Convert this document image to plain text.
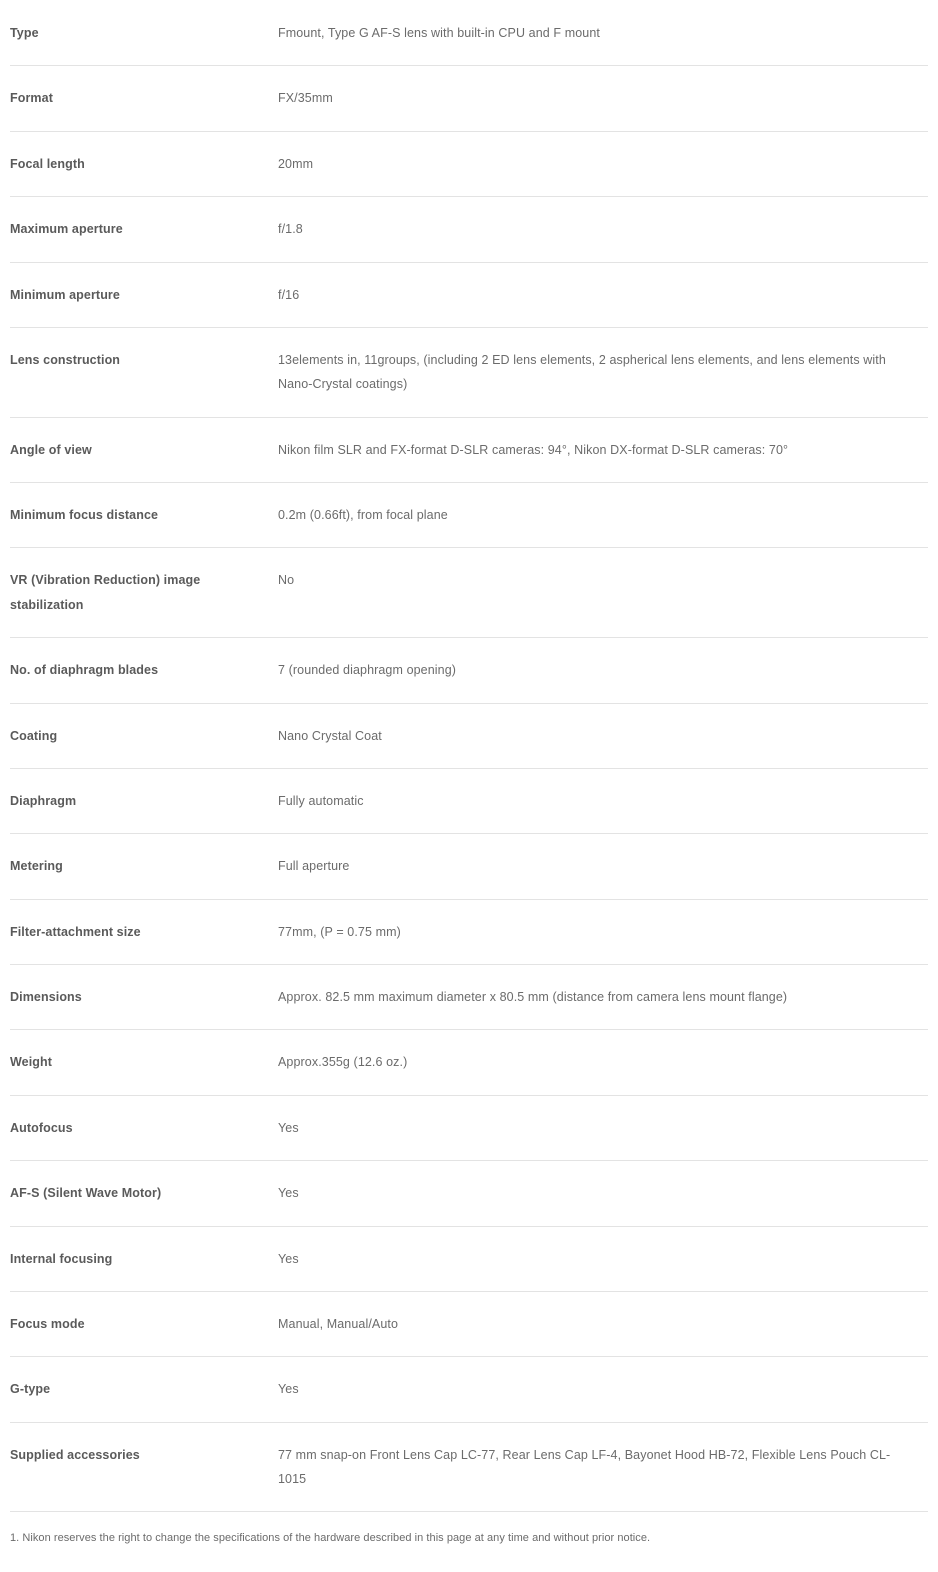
Type	Fmount, Type G AF-S lens with built-in CPU and F mount
Format	FX/35mm
Focal length	20mm
Maximum aperture	f/1.8
Minimum aperture	f/16
Lens construction	13elements in, 11groups, (including 2 ED lens elements, 2 aspherical lens elements, and lens elements with Nano-Crystal coatings)
Angle of view	Nikon film SLR and FX-format D-SLR cameras: 94°, Nikon DX-format D-SLR cameras: 70°
Minimum focus distance	0.2m (0.66ft), from focal plane
VR (Vibration Reduction) image stabilization	No
No. of diaphragm blades	7 (rounded diaphragm opening)
Coating	Nano Crystal Coat
Diaphragm	Fully automatic
Metering	Full aperture
Filter-attachment size	77mm, (P = 0.75 mm)
Dimensions	Approx. 82.5 mm maximum diameter x 80.5 mm (distance from camera lens mount flange)
Weight	Approx.355g (12.6 oz.)
Autofocus	Yes
AF-S (Silent Wave Motor)	Yes
Internal focusing	Yes
Focus mode	Manual, Manual/Auto
G-type	Yes
Supplied accessories	77 mm snap-on Front Lens Cap LC-77, Rear Lens Cap LF-4, Bayonet Hood HB-72, Flexible Lens Pouch CL-1015
1. Nikon reserves the right to change the specifications of the hardware described in this page at any time and without prior notice.
